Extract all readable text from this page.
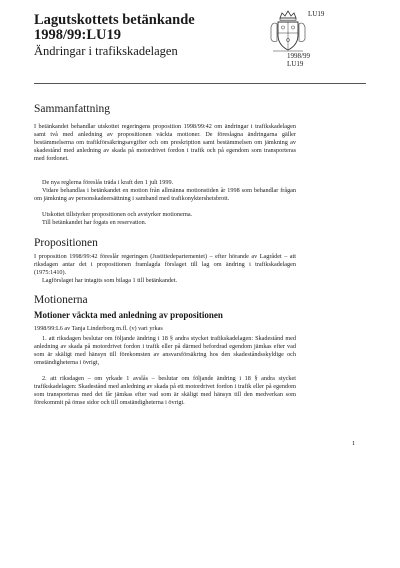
Lagutskottets betänkande
1998/99:LU19
Ändringar i trafikskadelagen
LU19
1998/99
LU19
Sammanfattning

I betänkandet behandlar utskottet regeringens proposition 1998/99:42 om ändringar i trafikskadelagen samt två med anledning av propositionen väckta motioner. De föreslagna ändringarna gäller bestämmelserna om trafikförsäkringsavgifter och om preskription samt bestämmelsen om jämkning av skadestånd med anledning av skada på motordrivet fordon i trafik och på egendom som transporteras med fordonet.

De nya reglerna föreslås träda i kraft den 1 juli 1999.

Vidare behandlas i betänkandet en motion från allmänna motionstiden år 1998 som behandlar frågan om jämkning av personskadeersättning i samband med trafikonyktershetsbrott.

Utskottet tillstyrker propositionen och avstyrker motionerna.

Till betänkandet har fogats en reservation.

Propositionen

I proposition 1998/99:42 föreslår regeringen (Justitiedepartementet) – efter hörande av Lagrådet – att riksdagen antar det i propositionen framlagda förslaget till lag om ändring i trafikskadelagen (1975:1410).

Lagförslaget har intagits som bilaga 1 till betänkandet.

Motionerna
Motioner väckta med anledning av propositionen

1998/99:L6 av Tanja Linderborg m.fl. (v) vari yrkas

1. att riksdagen beslutar om följande ändring i 18 § andra stycket trafikskadelagen: Skadestånd med anledning av skada på motordrivet fordon i trafik eller på därmed befordrad egendom jämkas efter vad som är skäligt med hänsyn till förekomsten av ansvarsförsäkring hos den skadeståndsskyldige och omständigheterna i övrigt,

2. att riksdagen – om yrkade 1 avslås – beslutar om följande ändring i 18 § andra stycket trafikskadelagen: Skadestånd med anledning av skada på ett motordrivet fordon i trafik eller på egendom som transporteras med det får jämkas efter vad som är skäligt med hänsyn till den medverkan som förekommit på ömse sidor och till omständigheterna i övrigt.

1
